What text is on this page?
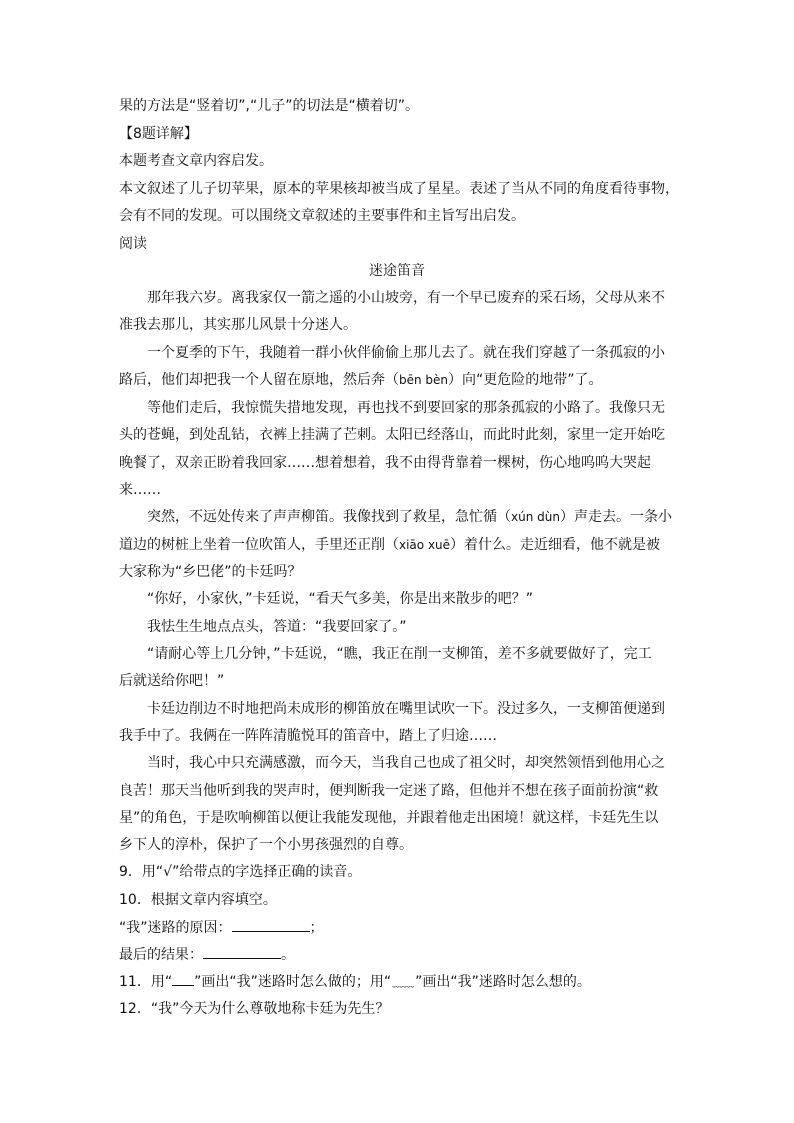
果的方法是“竖着切”,“儿子”的切法是“横着切”。
【8题详解】
本题考查文章内容启发。
本文叙述了儿子切苹果，原本的苹果核却被当成了星星。表述了当从不同的角度看待事物，
会有不同的发现。可以围绕文章叙述的主要事件和主旨写出启发。
阅读
迷途笛音
那年我六岁。离我家仅一箭之遥的小山坡旁，有一个早已废弃的采石场，父母从来不
准我去那儿，其实那儿风景十分迷人。
一个夏季的下午，我随着一群小伙伴偷偷上那儿去了。就在我们穿越了一条孤寂的小
路后，他们却把我一个人留在原地，然后奔（bēn bèn）向“更危险的地带”了。
等他们走后，我惊慌失措地发现，再也找不到要回家的那条孤寂的小路了。我像只无
头的苍蝇，到处乱钻，衣裤上挂满了芒刺。太阳已经落山，而此时此刻，家里一定开始吃
晚餐了，双亲正盼着我回家……想着想着，我不由得背靠着一棵树，伤心地呜呜大哭起
来……
突然，不远处传来了声声柳笛。我像找到了救星，急忙循（xún dùn）声走去。一条小
道边的树桩上坐着一位吹笛人，手里还正削（xiāo xuē）着什么。走近细看，他不就是被
大家称为“乡巴佬”的卡廷吗？
“你好，小家伙，”卡廷说，“看天气多美，你是出来散步的吧？”
我怯生生地点点头，答道：“我要回家了。”
“请耐心等上几分钟，”卡廷说，“瞧，我正在削一支柳笛，差不多就要做好了，完工
后就送给你吧！”
卡廷边削边不时地把尚未成形的柳笛放在嘴里试吹一下。没过多久，一支柳笛便递到
我手中了。我俩在一阵阵清脆悦耳的笛音中，踏上了归途……
当时，我心中只充满感激，而今天，当我自己也成了祖父时，却突然领悟到他用心之
良苦！那天当他听到我的哭声时，便判断我一定迷了路，但他并不想在孩子面前扮演“救
星”的角色，于是吹响柳笛以便让我能发现他，并跟着他走出困境！就这样，卡廷先生以
乡下人的淳朴，保护了一个小男孩强烈的自尊。
9．用“√”给带点的字选择正确的读音。
10．根据文章内容填空。
“我”迷路的原因：	；
最后的结果：	。
11．用“ ”画出“我”迷路时怎么做的；用“﹏﹏”画出“我”迷路时怎么想的。
12．“我”今天为什么尊敬地称卡廷为先生？
